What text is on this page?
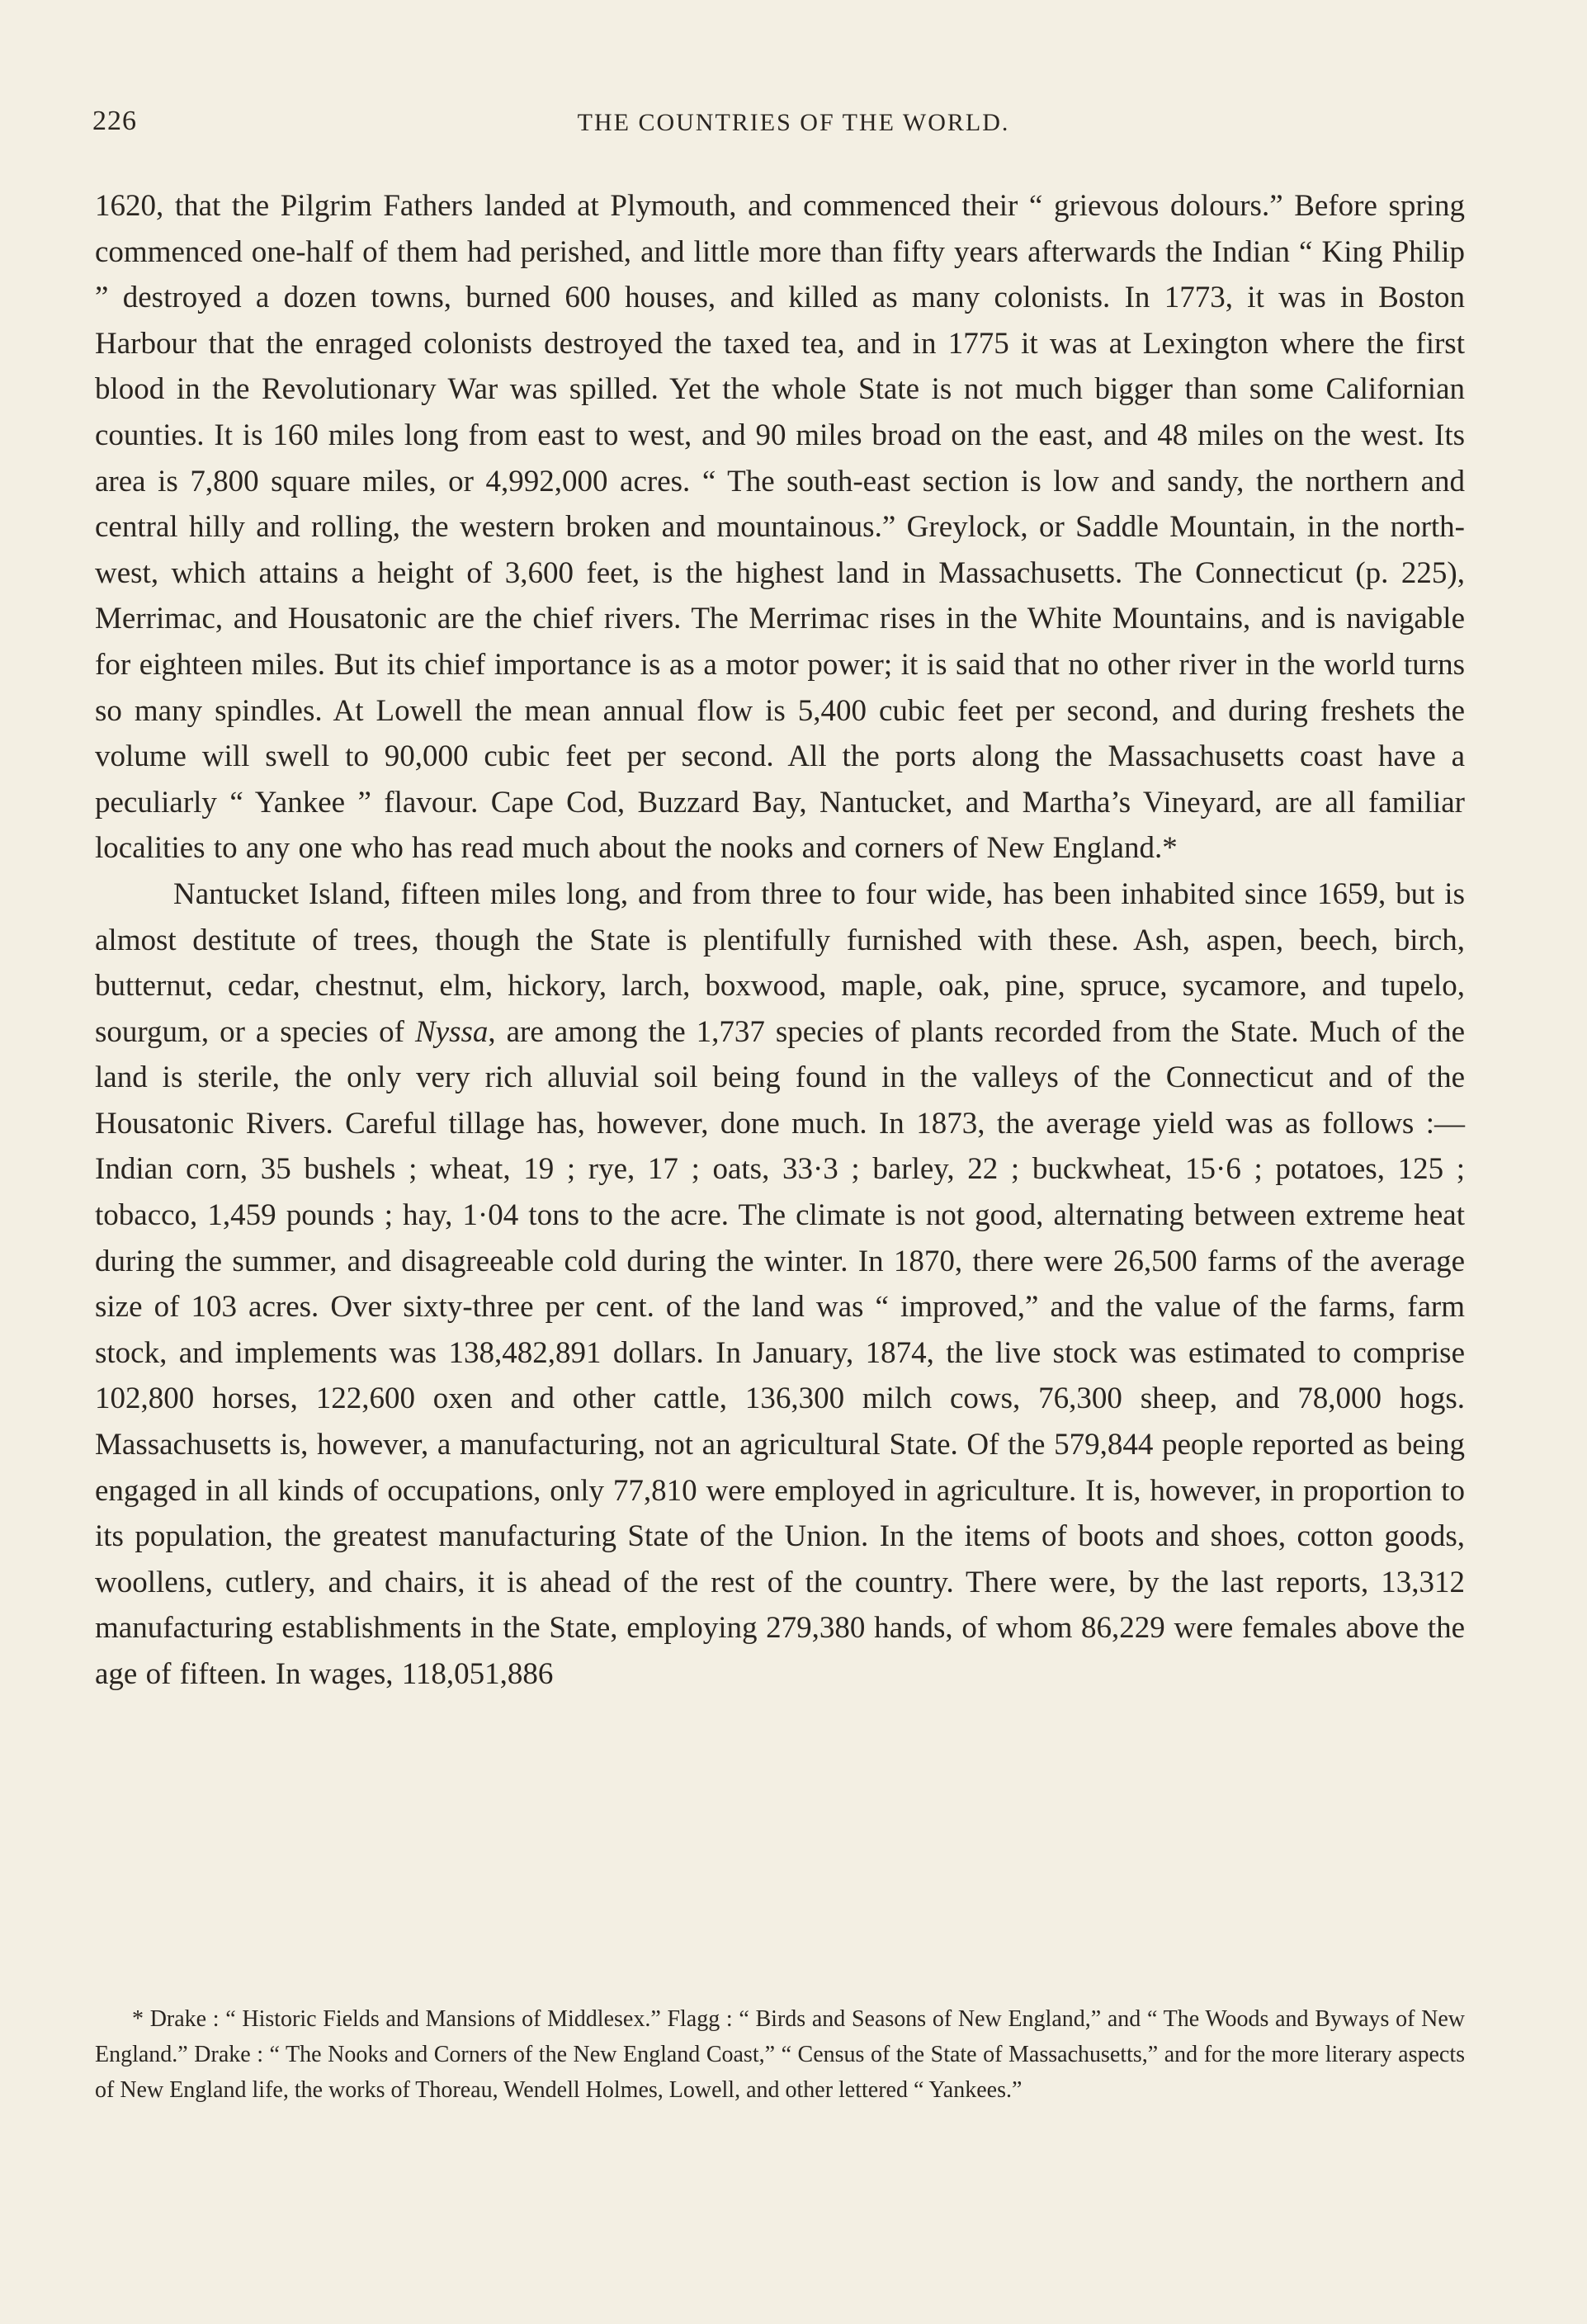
226	THE COUNTRIES OF THE WORLD.

1620, that the Pilgrim Fathers landed at Plymouth, and commenced their “ grievous dolours.” Before spring commenced one-half of them had perished, and little more than fifty years afterwards the Indian “ King Philip ” destroyed a dozen towns, burned 600 houses, and killed as many colonists. In 1773, it was in Boston Harbour that the enraged colonists destroyed the taxed tea, and in 1775 it was at Lexington where the first blood in the Revolutionary War was spilled. Yet the whole State is not much bigger than some Californian counties. It is 160 miles long from east to west, and 90 miles broad on the east, and 48 miles on the west. Its area is 7,800 square miles, or 4,992,000 acres. “ The south-east section is low and sandy, the northern and central hilly and rolling, the western broken and mountainous.” Greylock, or Saddle Mountain, in the north-west, which attains a height of 3,600 feet, is the highest land in Massachusetts. The Connecticut (p. 225), Merrimac, and Housatonic are the chief rivers. The Merrimac rises in the White Mountains, and is navigable for eighteen miles. But its chief importance is as a motor power; it is said that no other river in the world turns so many spindles. At Lowell the mean annual flow is 5,400 cubic feet per second, and during freshets the volume will swell to 90,000 cubic feet per second. All the ports along the Massachusetts coast have a peculiarly “ Yankee ” flavour. Cape Cod, Buzzard Bay, Nantucket, and Martha’s Vineyard, are all familiar localities to any one who has read much about the nooks and corners of New England.*

Nantucket Island, fifteen miles long, and from three to four wide, has been inhabited since 1659, but is almost destitute of trees, though the State is plentifully furnished with these. Ash, aspen, beech, birch, butternut, cedar, chestnut, elm, hickory, larch, boxwood, maple, oak, pine, spruce, sycamore, and tupelo, sourgum, or a species of Nyssa, are among the 1,737 species of plants recorded from the State. Much of the land is sterile, the only very rich alluvial soil being found in the valleys of the Connecticut and of the Housatonic Rivers. Careful tillage has, however, done much. In 1873, the average yield was as follows :—Indian corn, 35 bushels ; wheat, 19 ; rye, 17 ; oats, 33·3 ; barley, 22 ; buckwheat, 15·6 ; potatoes, 125 ; tobacco, 1,459 pounds ; hay, 1·04 tons to the acre. The climate is not good, alternating between extreme heat during the summer, and disagreeable cold during the winter. In 1870, there were 26,500 farms of the average size of 103 acres. Over sixty-three per cent. of the land was “ improved,” and the value of the farms, farm stock, and implements was 138,482,891 dollars. In January, 1874, the live stock was estimated to comprise 102,800 horses, 122,600 oxen and other cattle, 136,300 milch cows, 76,300 sheep, and 78,000 hogs. Massachusetts is, however, a manufacturing, not an agricultural State. Of the 579,844 people reported as being engaged in all kinds of occupations, only 77,810 were employed in agriculture. It is, however, in proportion to its population, the greatest manufacturing State of the Union. In the items of boots and shoes, cotton goods, woollens, cutlery, and chairs, it is ahead of the rest of the country. There were, by the last reports, 13,312 manufacturing establishments in the State, employing 279,380 hands, of whom 86,229 were females above the age of fifteen. In wages, 118,051,886

* Drake : “ Historic Fields and Mansions of Middlesex.” Flagg : “ Birds and Seasons of New England,” and “ The Woods and Byways of New England.” Drake : “ The Nooks and Corners of the New England Coast,” “ Census of the State of Massachusetts,” and for the more literary aspects of New England life, the works of Thoreau, Wendell Holmes, Lowell, and other lettered “ Yankees.”
